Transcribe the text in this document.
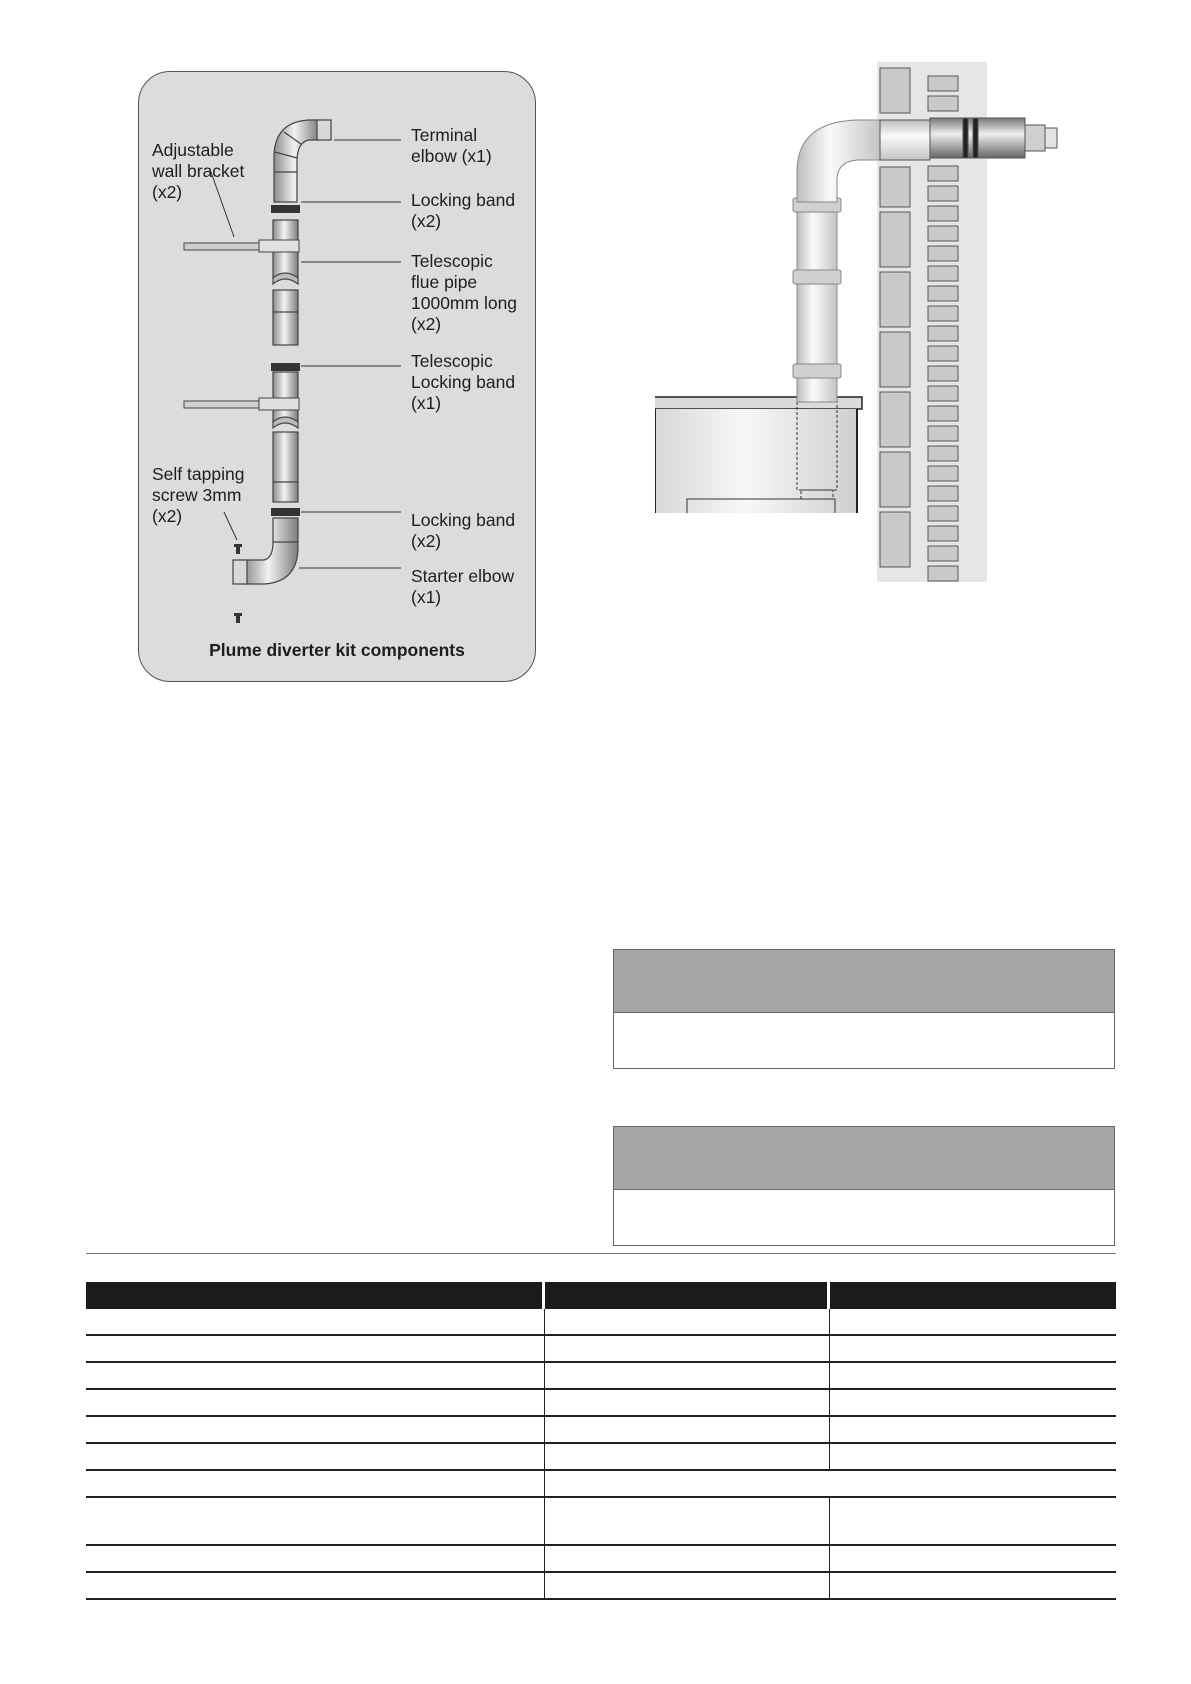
Terminal
elbow (x1)
Adjustable
wall bracket
(x2)	Locking band
(x2)
Telescopic
flue pipe
1000mm long
(x2)
Telescopic
Locking band
(x1)
Self tapping
screw 3mm
(x2)	Locking band
(x2)
Starter elbow
(x1)
Plume diverter kit components
